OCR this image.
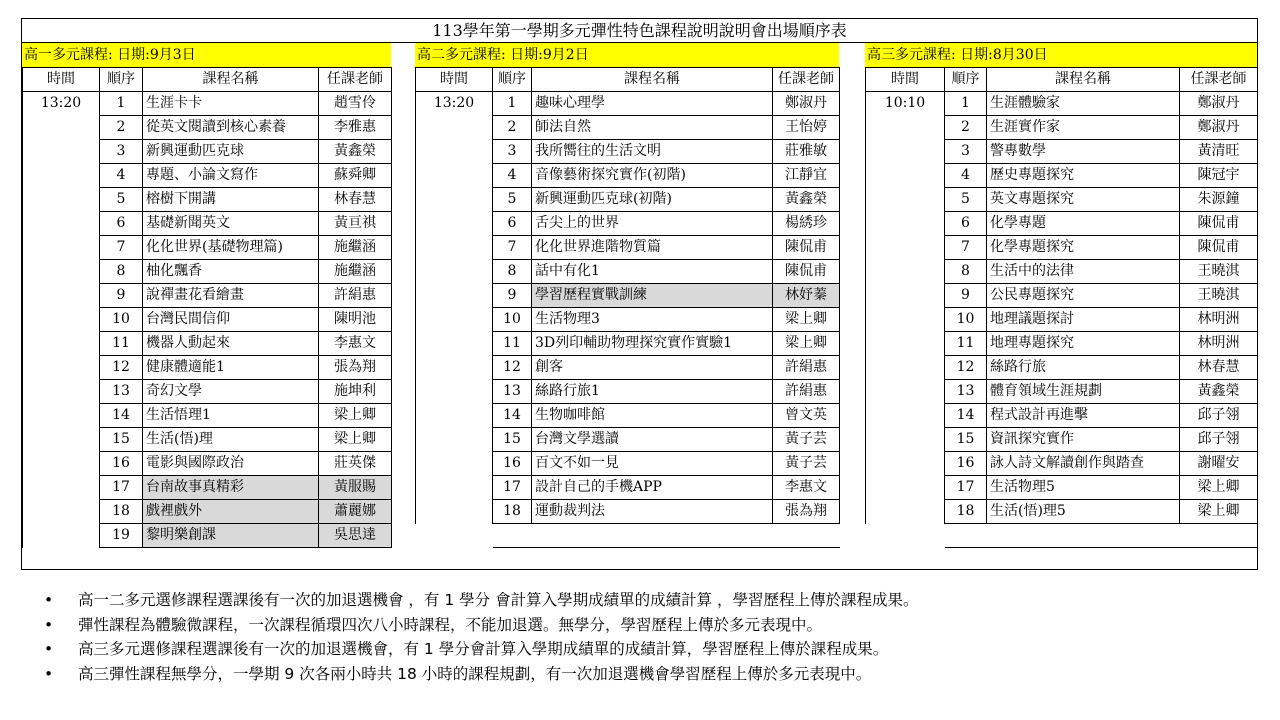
113學年第一學期多元彈性特色課程說明說明會出場順序表
高一多元課程: 日期:9月3日
時間	順序	課程名稱	任課老師
13:20	1	生涯卡卡	趙雪伶
	2	從英文閱讀到核心素養	李雅惠
	3	新興運動匹克球	黃鑫榮
	4	專題、小論文寫作	蘇舜卿
	5	榕樹下開講	林春慧
	6	基礎新聞英文	黃亘祺
	7	化化世界(基礎物理篇)	施繼涵
	8	柚化飄香	施繼涵
	9	說禪畫花看繪畫	許絹惠
	10	台灣民間信仰	陳明池
	11	機器人動起來	李惠文
	12	健康體適能1	張為翔
	13	奇幻文學	施坤利
	14	生活悟理1	梁上卿
	15	生活(悟)理	梁上卿
	16	電影與國際政治	莊英傑
	17	台南故事真精彩	黃服賜
	18	戲裡戲外	蕭麗娜
	19	黎明樂創課	吳思達
高二多元課程: 日期:9月2日
時間	順序	課程名稱	任課老師
13:20	1	趣味心理學	鄭淑丹
	2	師法自然	王怡婷
	3	我所嚮往的生活文明	莊雅敏
	4	音像藝術探究實作(初階)	江靜宜
	5	新興運動匹克球(初階)	黃鑫榮
	6	舌尖上的世界	楊綉珍
	7	化化世界進階物質篇	陳侃甫
	8	話中有化1	陳侃甫
	9	學習歷程實戰訓練	林妤蓁
	10	生活物理3	梁上卿
	11	3D列印輔助物理探究實作實驗1	梁上卿
	12	創客	許絹惠
	13	絲路行旅1	許絹惠
	14	生物咖啡館	曾文英
	15	台灣文學選讀	黃子芸
	16	百文不如一見	黃子芸
	17	設計自己的手機APP	李惠文
	18	運動裁判法	張為翔

高三多元課程: 日期:8月30日
時間	順序	課程名稱	任課老師
10:10	1	生涯體驗家	鄭淑丹
	2	生涯實作家	鄭淑丹
	3	警專數學	黃清旺
	4	歷史專題探究	陳冠宇
	5	英文專題探究	朱源鐘
	6	化學專題	陳侃甫
	7	化學專題探究	陳侃甫
	8	生活中的法律	王曉淇
	9	公民專題探究	王曉淇
	10	地理議題探討	林明洲
	11	地理專題探究	林明洲
	12	絲路行旅	林春慧
	13	體育領域生涯規劃	黃鑫榮
	14	程式設計再進擊	邱子翎
	15	資訊探究實作	邱子翎
	16	詠人詩文解讀創作與踏查	謝曜安
	17	生活物理5	梁上卿
	18	生活(悟)理5	梁上卿

• 高一二多元選修課程選課後有一次的加退選機會 ，有 1 學分 會計算入學期成績單的成績計算 ，學習歷程上傳於課程成果。
• 彈性課程為體驗微課程，一次課程循環四次八小時課程，不能加退選。無學分，學習歷程上傳於多元表現中。
• 高三多元選修課程選課後有一次的加退選機會，有 1 學分會計算入學期成績單的成績計算，學習歷程上傳於課程成果。
• 高三彈性課程無學分，一學期 9 次各兩小時共 18 小時的課程規劃，有一次加退選機會學習歷程上傳於多元表現中。
